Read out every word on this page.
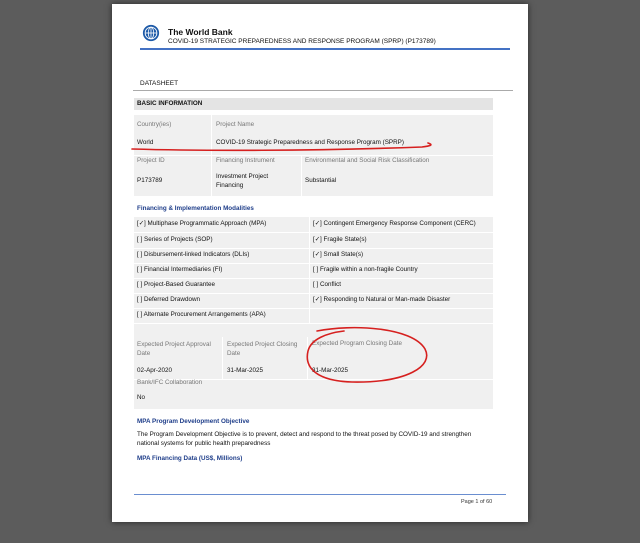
The World Bank
COVID-19 STRATEGIC PREPAREDNESS AND RESPONSE PROGRAM (SPRP) (P173789)
DATASHEET
BASIC INFORMATION
Country(ies)
World
Project Name
COVID-19 Strategic Preparedness and Response Program (SPRP)
Project ID
P173789
Financing Instrument
Investment Project Financing
Environmental and Social Risk Classification
Substantial
Financing & Implementation Modalities
[✓] Multiphase Programmatic Approach (MPA)
[ ] Series of Projects (SOP)
[ ] Disbursement-linked Indicators (DLIs)
[ ] Financial Intermediaries (FI)
[ ] Project-Based Guarantee
[ ] Deferred Drawdown
[ ] Alternate Procurement Arrangements (APA)
[✓] Contingent Emergency Response Component (CERC)
[✓] Fragile State(s)
[✓] Small State(s)
[ ] Fragile within a non-fragile Country
[ ] Conflict
[✓] Responding to Natural or Man-made Disaster
Expected Project Approval Date
02-Apr-2020
Expected Project Closing Date
31-Mar-2025
Expected Program Closing Date
31-Mar-2025
Bank/IFC Collaboration
No
MPA Program Development Objective
The Program Development Objective is to prevent, detect and respond to the threat posed by COVID-19 and strengthen national systems for public health preparedness
MPA Financing Data (US$, Millions)
Page 1 of 60
